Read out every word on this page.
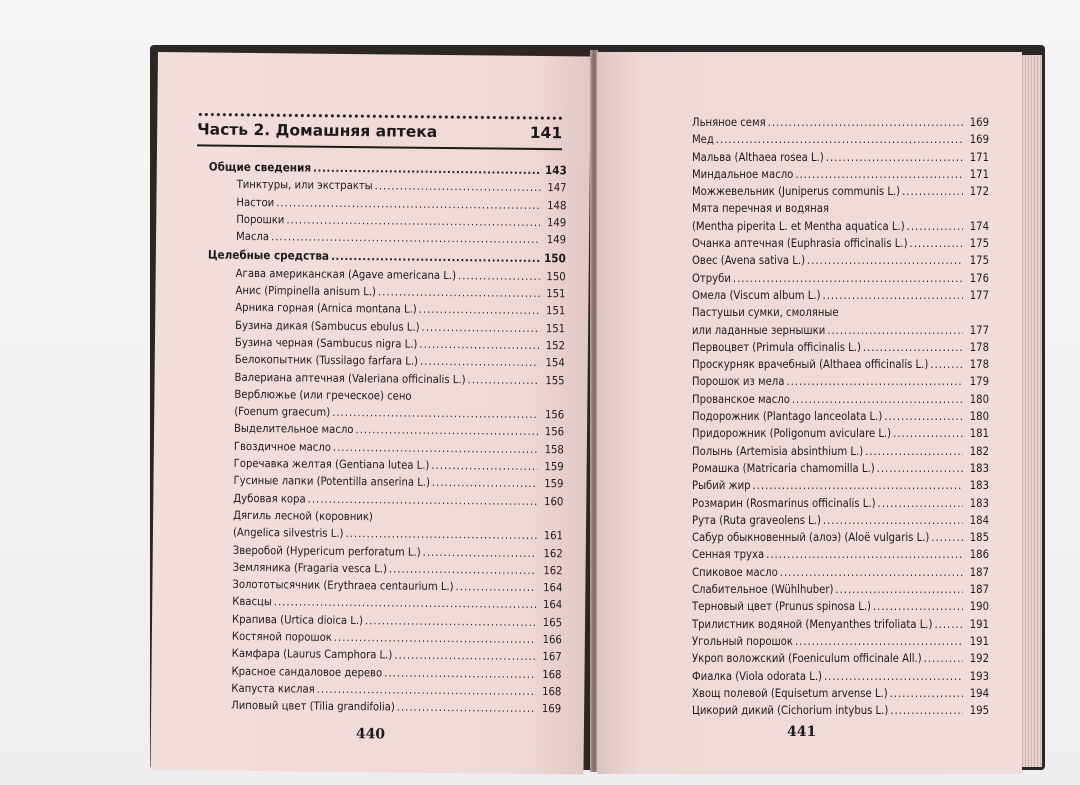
Часть 2. Домашняя аптека	141
Общие сведения .....	143
Тинктуры, или экстракты .....	147
Настои .....	148
Порошки .....	149
Масла .....	149
Целебные средства .....	150
Агава американская (Agave americana L.) .....	150
Анис (Pimpinella anisum L.) .....	151
Арника горная (Arnica montana L.) .....	151
Бузина дикая (Sambucus ebulus L.) .....	151
Бузина черная (Sambucus nigra L.) .....	152
Белокопытник (Tussilago farfara L.) .....	154
Валериана аптечная (Valeriana officinalis L.) .....	155
Верблюжье (или греческое) сено
(Foenum graecum) .....	156
Выделительное масло .....	156
Гвоздичное масло .....	158
Горечавка желтая (Gentiana lutea L.) .....	159
Гусиные лапки (Potentilla anserina L.) .....	159
Дубовая кора .....	160
Дягиль лесной (коровник)
(Angelica silvestris L.) .....	161
Зверобой (Hypericum perforatum L.) .....	162
Земляника (Fragaria vesca L.) .....	162
Золототысячник (Erythraea centaurium L.) .....	164
Квасцы .....	164
Крапива (Urtica dioica L.) .....	165
Костяной порошок .....	166
Камфара (Laurus Camphora L.) .....	167
Красное сандаловое дерево .....	168
Капуста кислая .....	168
Липовый цвет (Tilia grandifolia) .....	169
440
Льняное семя .....	169
Мед .....	169
Мальва (Althaea rosea L.) .....	171
Миндальное масло .....	171
Можжевельник (Juniperus communis L.) .....	172
Мята перечная и водяная
(Mentha piperita L. et Mentha aquatica L.) .....	174
Очанка аптечная (Euphrasia officinalis L.) .....	175
Овес (Avena sativa L.) .....	175
Отруби .....	176
Омела (Viscum album L.) .....	177
Пастушьи сумки, смоляные
или ладанные зернышки .....	177
Первоцвет (Primula officinalis L.) .....	178
Проскурняк врачебный (Althaea officinalis L.) .....	178
Порошок из мела .....	179
Прованское масло .....	180
Подорожник (Plantago lanceolata L.) .....	180
Придорожник (Poligonum aviculare L.) .....	181
Полынь (Artemisia absinthium L.) .....	182
Ромашка (Matricaria chamomilla L.) .....	183
Рыбий жир .....	183
Розмарин (Rosmarinus officinalis L.) .....	183
Рута (Ruta graveolens L.) .....	184
Сабур обыкновенный (алоэ) (Aloë vulgaris L.) .....	185
Сенная труха .....	186
Спиковое масло .....	187
Слабительное (Wühlhuber) .....	187
Терновый цвет (Prunus spinosa L.) .....	190
Трилистник водяной (Menyanthes trifoliata L.) .....	191
Угольный порошок .....	191
Укроп воложский (Foeniculum officinale All.) .....	192
Фиалка (Viola odorata L.) .....	193
Хвощ полевой (Equisetum arvense L.) .....	194
Цикорий дикий (Cichorium intybus L.) .....	195
441
